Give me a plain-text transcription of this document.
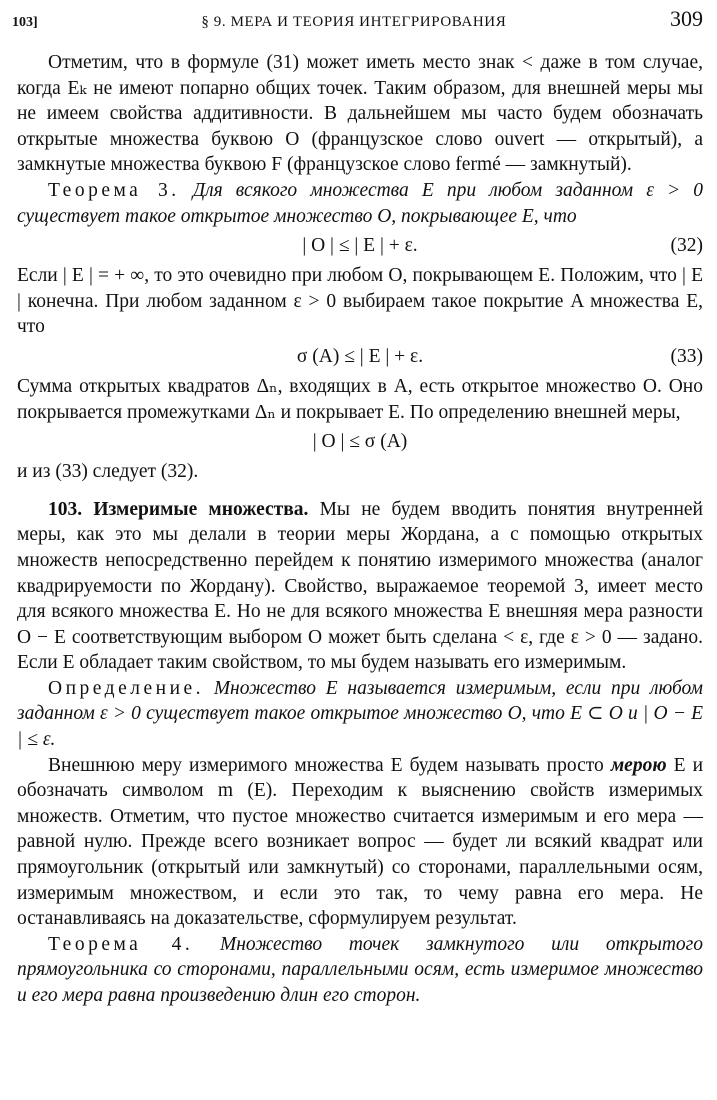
103]	§ 9. МЕРА И ТЕОРИЯ ИНТЕГРИРОВАНИЯ	309

Отметим, что в формуле (31) может иметь место знак < даже в том случае, когда Eₖ не имеют попарно общих точек. Таким образом, для внешней меры мы не имеем свойства аддитивности. В дальнейшем мы часто будем обозначать открытые множества буквою O (французское слово ouvert — открытый), а замкнутые множества буквою F (французское слово fermé — замкнутый).

Теорема 3. Для всякого множества E при любом заданном ε > 0 существует такое открытое множество O, покрывающее E, что

| O | ≤ | E | + ε.	(32)

Если | E | = + ∞, то это очевидно при любом O, покрывающем E. Положим, что | E | конечна. При любом заданном ε > 0 выбираем такое покрытие A множества E, что

σ (A) ≤ | E | + ε.	(33)

Сумма открытых квадратов Δₙ, входящих в A, есть открытое множество O. Оно покрывается промежутками Δₙ и покрывает E. По определению внешней меры,

| O | ≤ σ (A)

и из (33) следует (32).

103. Измеримые множества. Мы не будем вводить понятия внутренней меры, как это мы делали в теории меры Жордана, а с помощью открытых множеств непосредственно перейдем к понятию измеримого множества (аналог квадрируемости по Жордану). Свойство, выражаемое теоремой 3, имеет место для всякого множества E. Но не для всякого множества E внешняя мера разности O − E соответствующим выбором O может быть сделана < ε, где ε > 0 — задано. Если E обладает таким свойством, то мы будем называть его измеримым.

Определение. Множество E называется измеримым, если при любом заданном ε > 0 существует такое открытое множество O, что E ⊂ O и | O − E | ≤ ε.

Внешнюю меру измеримого множества E будем называть просто мерою E и обозначать символом m (E). Переходим к выяснению свойств измеримых множеств. Отметим, что пустое множество считается измеримым и его мера — равной нулю. Прежде всего возникает вопрос — будет ли всякий квадрат или прямоугольник (открытый или замкнутый) со сторонами, параллельными осям, измеримым множеством, и если это так, то чему равна его мера. Не останавливаясь на доказательстве, сформулируем результат.

Теорема 4. Множество точек замкнутого или открытого прямоугольника со сторонами, параллельными осям, есть измеримое множество и его мера равна произведению длин его сторон.
